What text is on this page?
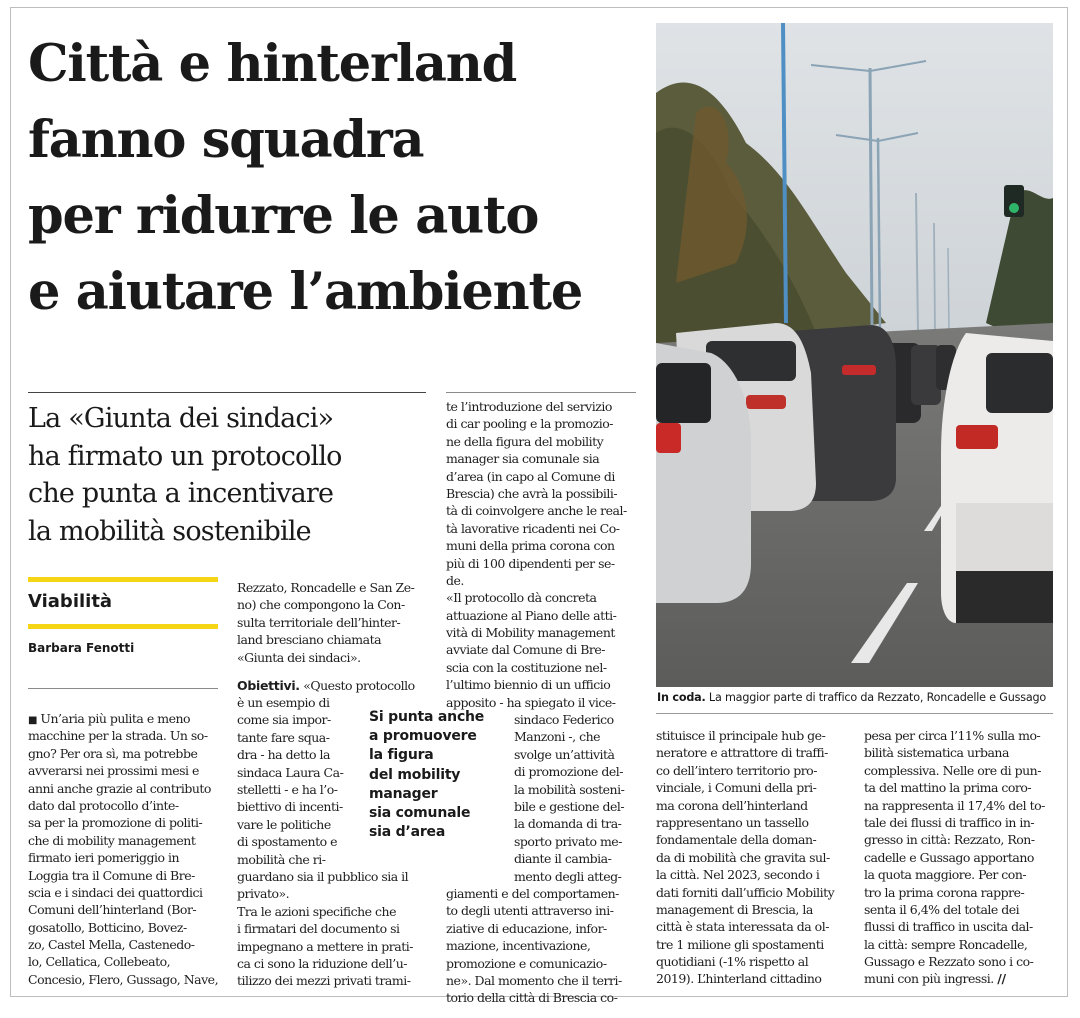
Città e hinterland
fanno squadra
per ridurre le auto
e aiutare l’ambiente
La «Giunta dei sindaci»
ha firmato un protocollo
che punta a incentivare
la mobilità sostenibile
Viabilità
Barbara Fenotti
■ Un’aria più pulita e meno
macchine per la strada. Un so-
gno? Per ora sì, ma potrebbe
avverarsi nei prossimi mesi e
anni anche grazie al contributo
dato dal protocollo d’inte-
sa per la promozione di politi-
che di mobility management
firmato ieri pomeriggio in
Loggia tra il Comune di Bre-
scia e i sindaci dei quattordici
Comuni dell’hinterland (Bor-
gosatollo, Botticino, Bovez-
zo, Castel Mella, Castenedo-
lo, Cellatica, Collebeato,
Concesio, Flero, Gussago, Nave,
Rezzato, Roncadelle e San Ze-
no) che compongono la Con-
sulta territoriale dell’hinter-
land bresciano chiamata
«Giunta dei sindaci».
Obiettivi. «Questo protocollo
è un esempio di
come sia impor-
tante fare squa-
dra - ha detto la
sindaca Laura Ca-
stelletti - e ha l’o-
biettivo di incenti-
vare le politiche
di spostamento e
mobilità che ri-
guardano sia il pubblico sia il
privato».
Tra le azioni specifiche che
i firmatari del documento si
impegnano a mettere in prati-
ca ci sono la riduzione dell’u-
tilizzo dei mezzi privati trami-
Si punta anche
a promuovere
la figura
del mobility
manager
sia comunale
sia d’area
te l’introduzione del servizio
di car pooling e la promozio-
ne della figura del mobility
manager sia comunale sia
d’area (in capo al Comune di
Brescia) che avrà la possibili-
tà di coinvolgere anche le real-
tà lavorative ricadenti nei Co-
muni della prima corona con
più di 100 dipendenti per se-
de.
«Il protocollo dà concreta
attuazione al Piano delle atti-
vità di Mobility management
avviate dal Comune di Bre-
scia con la costituzione nel-
l’ultimo biennio di un ufficio
apposito - ha spiegato il vice-
sindaco Federico
Manzoni -, che
svolge un’attività
di promozione del-
la mobilità sosteni-
bile e gestione del-
la domanda di tra-
sporto privato me-
diante il cambia-
mento degli atteg-
giamenti e del comportamen-
to degli utenti attraverso ini-
ziative di educazione, infor-
mazione, incentivazione,
promozione e comunicazio-
ne». Dal momento che il terri-
torio della città di Brescia co-
In coda. La maggior parte di traffico da Rezzato, Roncadelle e Gussago
stituisce il principale hub ge-
neratore e attrattore di traffi-
co dell’intero territorio pro-
vinciale, i Comuni della pri-
ma corona dell’hinterland
rappresentano un tassello
fondamentale della doman-
da di mobilità che gravita sul-
la città. Nel 2023, secondo i
dati forniti dall’ufficio Mobility
management di Brescia, la
città è stata interessata da ol-
tre 1 milione gli spostamenti
quotidiani (-1% rispetto al
2019). L’hinterland cittadino
pesa per circa l’11% sulla mo-
bilità sistematica urbana
complessiva. Nelle ore di pun-
ta del mattino la prima coro-
na rappresenta il 17,4% del to-
tale dei flussi di traffico in in-
gresso in città: Rezzato, Ron-
cadelle e Gussago apportano
la quota maggiore. Per con-
tro la prima corona rappre-
senta il 6,4% del totale dei
flussi di traffico in uscita dal-
la città: sempre Roncadelle,
Gussago e Rezzato sono i co-
muni con più ingressi. //
